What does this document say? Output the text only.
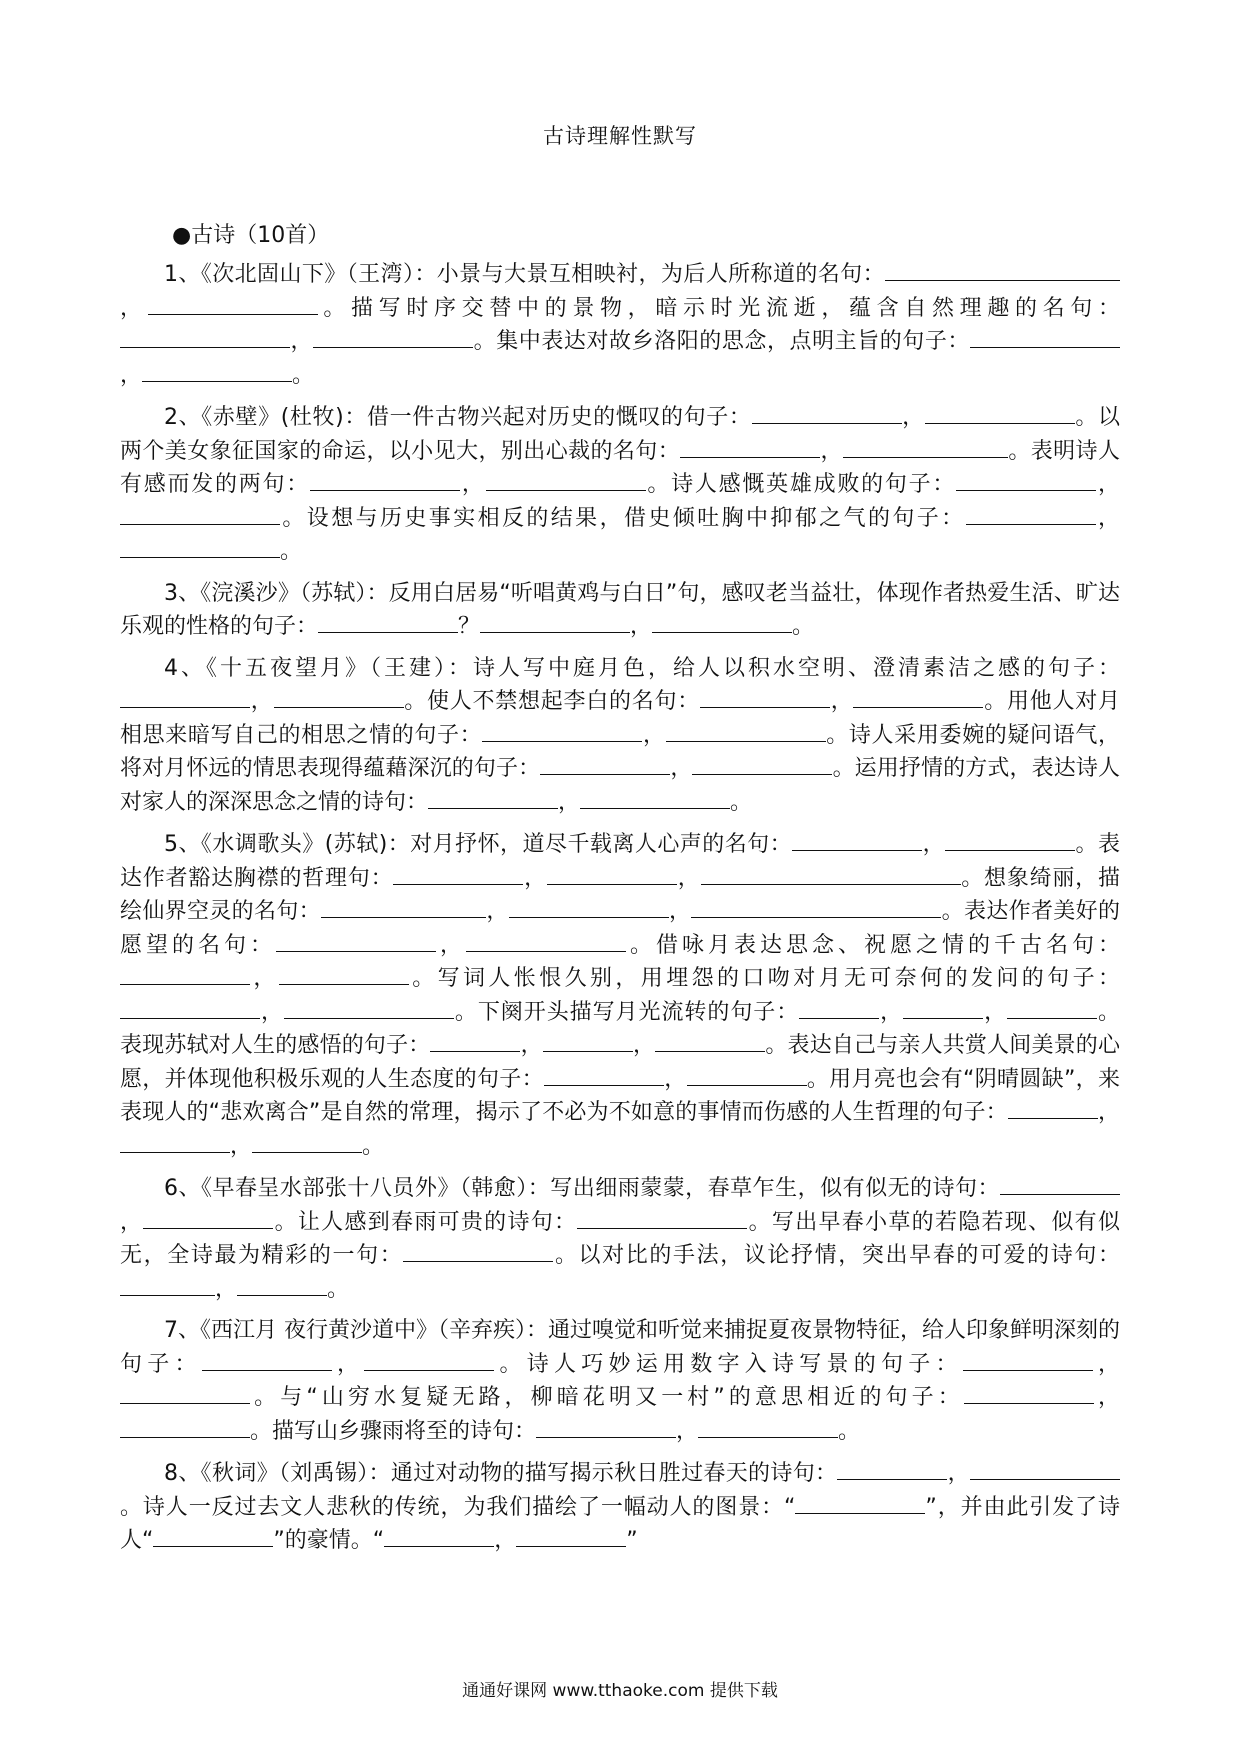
古诗理解性默写
●古诗（10首）

1、《次北固山下》（王湾）：小景与大景互相映衬，为后人所称道的名句：，	。描写时序交替中的景物，暗示时光流逝，蕴含自然理趣的名句：，	。集中表达对故乡洛阳的思念，点明主旨的句子：，	。

2、《赤壁》(杜牧)：借一件古物兴起对历史的慨叹的句子：	，	。以两个美女象征国家的命运，以小见大，别出心裁的名句：	，	。表明诗人有感而发的两句：	，	。诗人感慨英雄成败的句子：	，。设想与历史事实相反的结果，借史倾吐胸中抑郁之气的句子：	，。

3、《浣溪沙》（苏轼）：反用白居易“听唱黄鸡与白日”句，感叹老当益壮，体现作者热爱生活、旷达乐观的性格的句子：	？	，	。

4、《十五夜望月》（王建）：诗人写中庭月色，给人以积水空明、澄清素洁之感的句子：，	。使人不禁想起李白的名句：	，	。用他人对月相思来暗写自己的相思之情的句子：	，	。诗人采用委婉的疑问语气，将对月怀远的情思表现得蕴藉深沉的句子：	，	。运用抒情的方式，表达诗人对家人的深深思念之情的诗句：	，	。

5、《水调歌头》(苏轼)：对月抒怀，道尽千载离人心声的名句：	，	。表达作者豁达胸襟的哲理句：	，	，	。想象绮丽，描绘仙界空灵的名句：	，	，	。表达作者美好的愿望的名句：	，	。借咏月表达思念、祝愿之情的千古名句：，	。写词人怅恨久别，用埋怨的口吻对月无可奈何的发问的句子：，	。下阕开头描写月光流转的句子：	，	，	。表现苏轼对人生的感悟的句子：	，	，	。表达自己与亲人共赏人间美景的心愿，并体现他积极乐观的人生态度的句子：	，	。用月亮也会有“阴晴圆缺”，来表现人的“悲欢离合”是自然的常理，揭示了不必为不如意的事情而伤感的人生哲理的句子：	，，	。

6、《早春呈水部张十八员外》（韩愈）：写出细雨蒙蒙，春草乍生，似有似无的诗句：，	。让人感到春雨可贵的诗句：	。写出早春小草的若隐若现、似有似无，全诗最为精彩的一句：	。以对比的手法，议论抒情，突出早春的可爱的诗句：，	。

7、《西江月 夜行黄沙道中》（辛弃疾）：通过嗅觉和听觉来捕捉夏夜景物特征，给人印象鲜明深刻的句子：	，	。诗人巧妙运用数字入诗写景的句子：	，。与“山穷水复疑无路，柳暗花明又一村”的意思相近的句子：	，。描写山乡骤雨将至的诗句：	，	。

8、《秋词》（刘禹锡）：通过对动物的描写揭示秋日胜过春天的诗句：	，。诗人一反过去文人悲秋的传统，为我们描绘了一幅动人的图景：“	”，并由此引发了诗人“	”的豪情。“	，	”

通通好课网 www.tthaoke.com 提供下载
